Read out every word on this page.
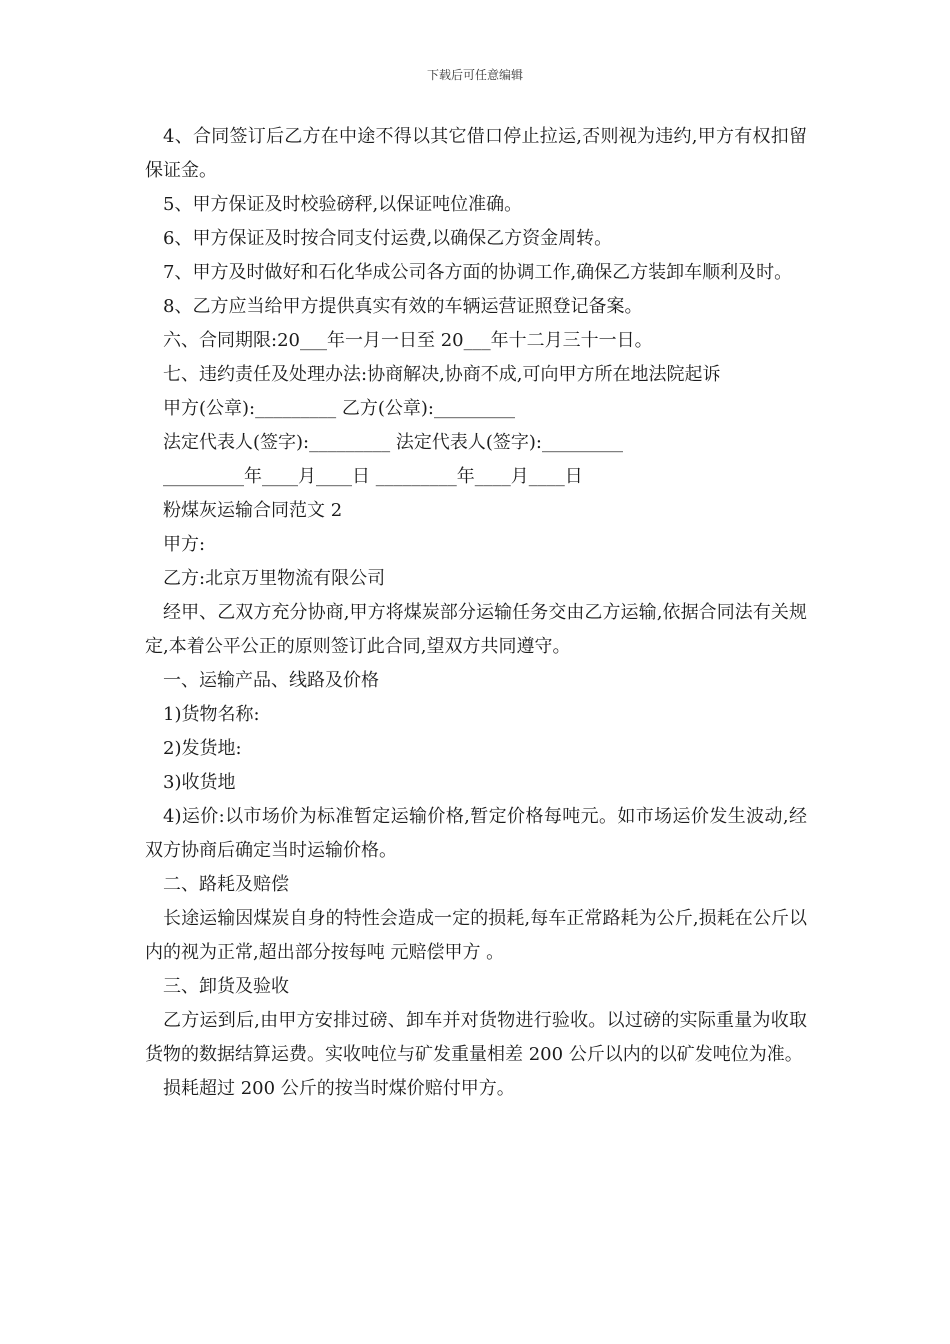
下载后可任意编辑

4、合同签订后乙方在中途不得以其它借口停止拉运,否则视为违约,甲方有权扣留保证金。

5、甲方保证及时校验磅秤,以保证吨位准确。

6、甲方保证及时按合同支付运费,以确保乙方资金周转。

7、甲方及时做好和石化华成公司各方面的协调工作,确保乙方装卸车顺利及时。

8、乙方应当给甲方提供真实有效的车辆运营证照登记备案。

六、合同期限:20___年一月一日至 20___年十二月三十一日。

七、违约责任及处理办法:协商解决,协商不成,可向甲方所在地法院起诉

甲方(公章):_________ 乙方(公章):_________

法定代表人(签字):_________ 法定代表人(签字):_________

_________年____月____日 _________年____月____日

粉煤灰运输合同范文 2

甲方:

乙方:北京万里物流有限公司

经甲、乙双方充分协商,甲方将煤炭部分运输任务交由乙方运输,依据合同法有关规定,本着公平公正的原则签订此合同,望双方共同遵守。

一、运输产品、线路及价格

1)货物名称:

2)发货地:

3)收货地

4)运价:以市场价为标准暂定运输价格,暂定价格每吨元。如市场运价发生波动,经双方协商后确定当时运输价格。

二、路耗及赔偿

长途运输因煤炭自身的特性会造成一定的损耗,每车正常路耗为公斤,损耗在公斤以内的视为正常,超出部分按每吨 元赔偿甲方 。

三、卸货及验收

乙方运到后,由甲方安排过磅、卸车并对货物进行验收。以过磅的实际重量为收取货物的数据结算运费。实收吨位与矿发重量相差 200 公斤以内的以矿发吨位为准。

损耗超过 200 公斤的按当时煤价赔付甲方。
